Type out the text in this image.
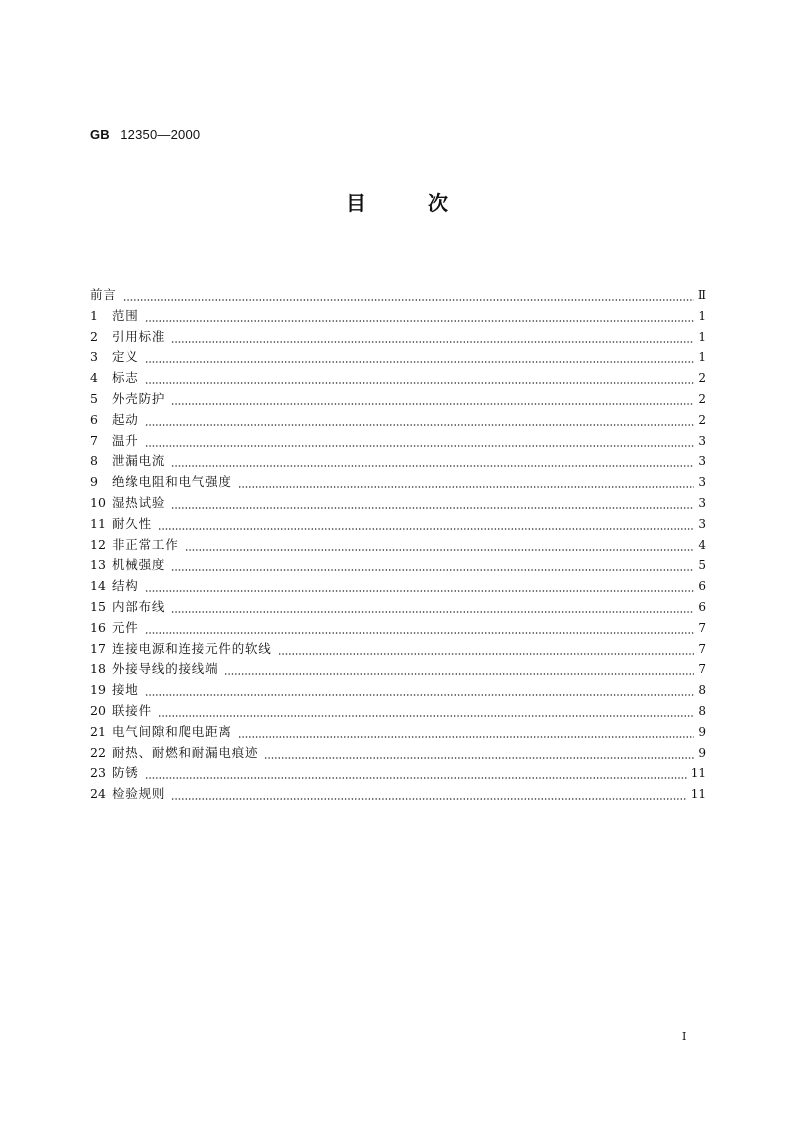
GB 12350—2000
目次
前言	Ⅱ
1	范围	1
2	引用标准	1
3	定义	1
4	标志	2
5	外壳防护	2
6	起动	2
7	温升	3
8	泄漏电流	3
9	绝缘电阻和电气强度	3
10 湿热试验	3
11 耐久性	3
12 非正常工作	4
13 机械强度	5
14 结构	6
15 内部布线	6
16 元件	7
17 连接电源和连接元件的软线	7
18 外接导线的接线端	7
19 接地	8
20 联接件	8
21 电气间隙和爬电距离	9
22 耐热、耐燃和耐漏电痕迹	9
23 防锈	11
24 检验规则	11
I
